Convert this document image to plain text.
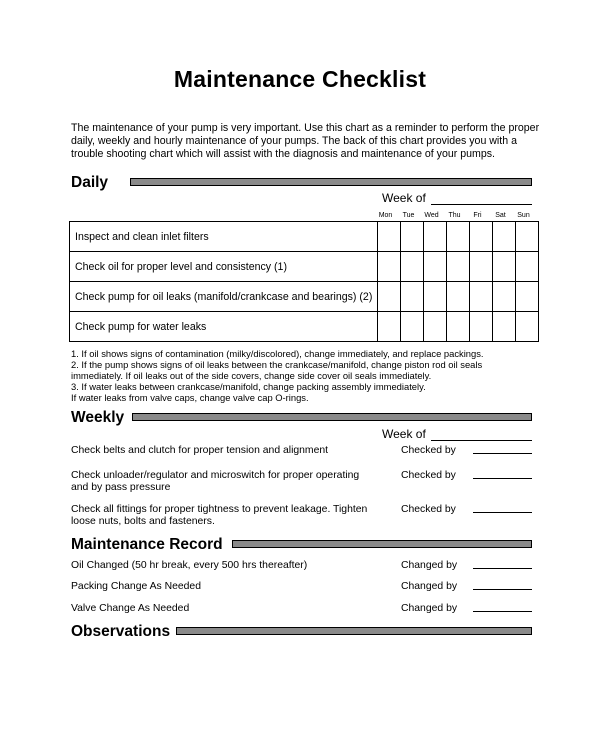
Maintenance Checklist
The maintenance of your pump is very important. Use this chart as a reminder to perform the proper daily, weekly and hourly maintenance of your pumps. The back of this chart provides you with a trouble shooting chart which will assist with the diagnosis and maintenance of your pumps.
Daily
Week of
Mon	Tue	Wed	Thu	Fri	Sat	Sun
Inspect and clean inlet filters							
Check oil for proper level and consistency (1)							
Check pump for oil leaks (manifold/crankcase and bearings) (2)							
Check pump for water leaks							
1. If oil shows signs of contamination (milky/discolored), change immediately, and replace packings.
2. If the pump shows signs of oil leaks between the crankcase/manifold, change piston rod oil seals
immediately. If oil leaks out of the side covers, change side cover oil seals immediately.
3. If water leaks between crankcase/manifold, change packing assembly immediately.
If water leaks from valve caps, change valve cap O-rings.
Weekly
Week of
Check belts and clutch for proper tension and alignment	Checked by
Check unloader/regulator and microswitch for proper operating
and by pass pressure
Checked by
Check all fittings for proper tightness to prevent leakage. Tighten
loose nuts, bolts and fasteners.
Checked by
Maintenance Record
Oil Changed (50 hr break, every 500 hrs thereafter)	Changed by
Packing Change As Needed	Changed by
Valve Change As Needed	Changed by
Observations
